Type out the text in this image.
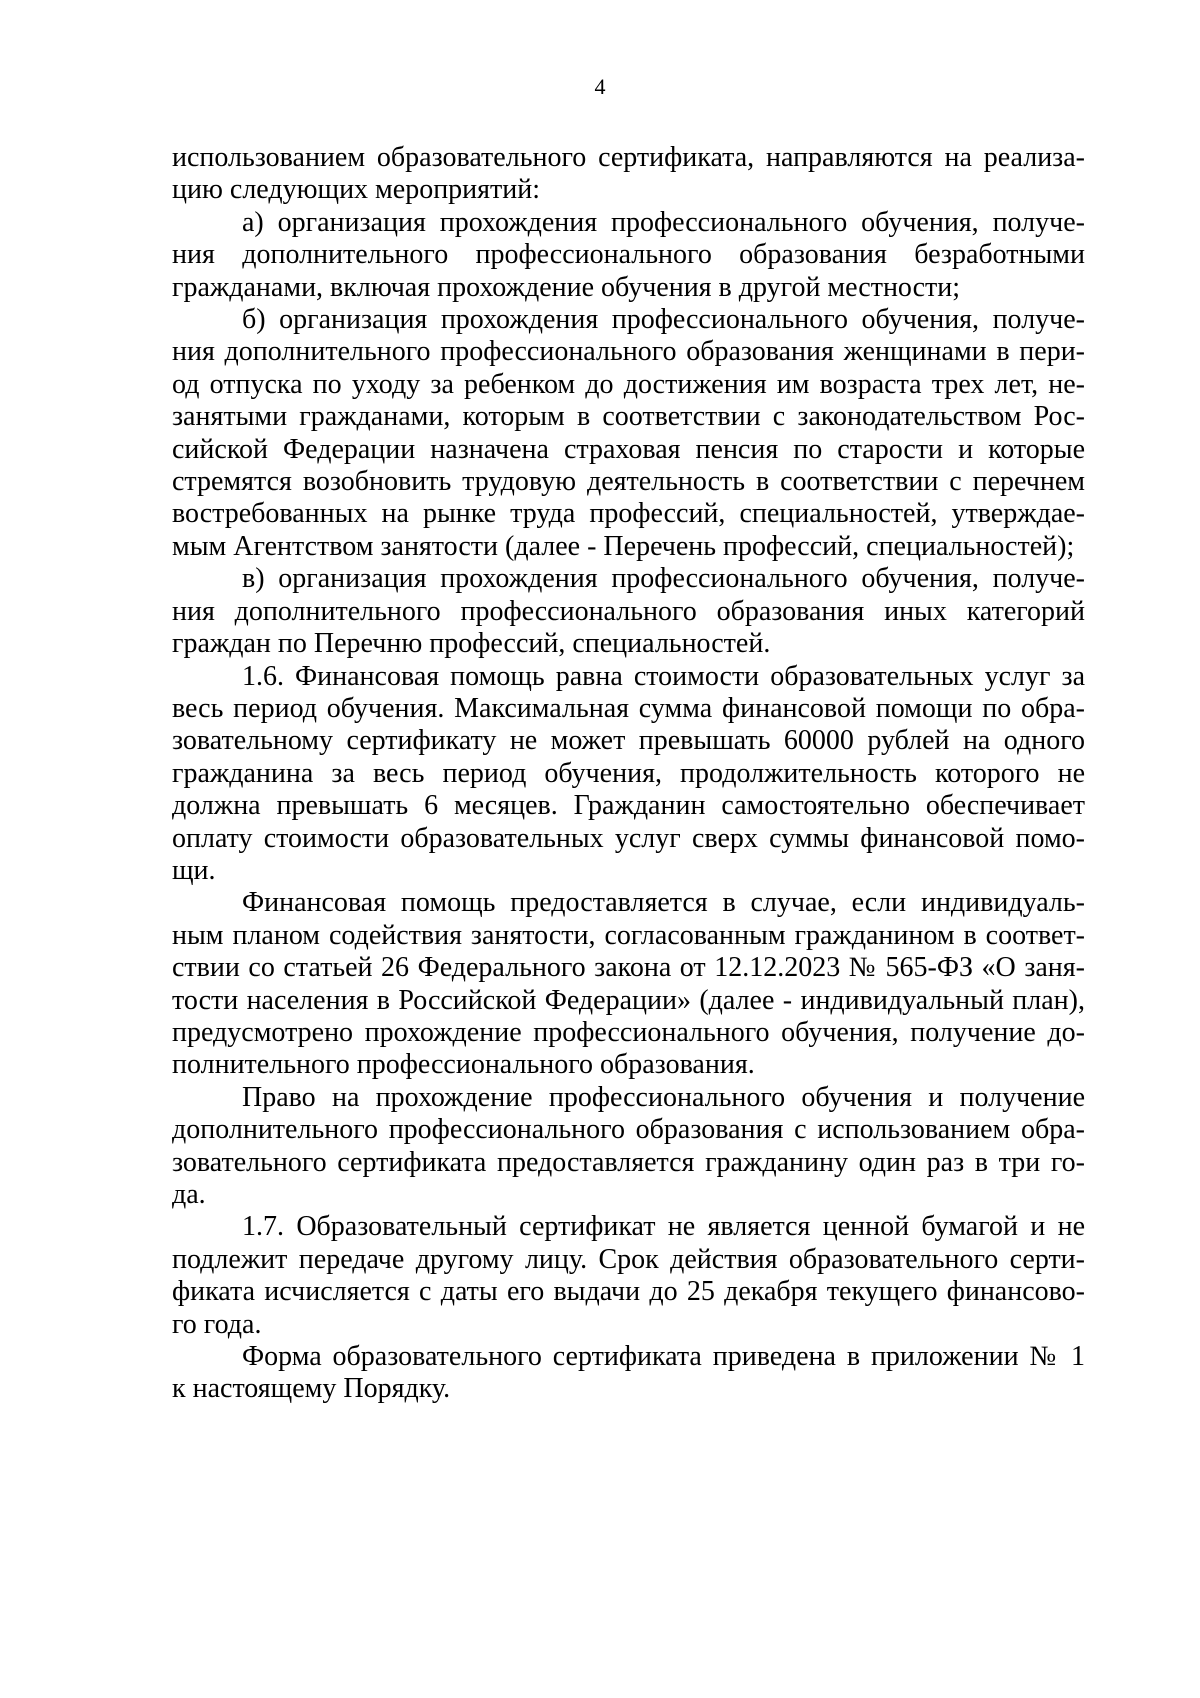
4
использованием образовательного сертификата, направляются на реализа-
цию следующих мероприятий:
а) организация прохождения профессионального обучения, получе-
ния дополнительного профессионального образования безработными
гражданами, включая прохождение обучения в другой местности;
б) организация прохождения профессионального обучения, получе-
ния дополнительного профессионального образования женщинами в пери-
од отпуска по уходу за ребенком до достижения им возраста трех лет, не-
занятыми гражданами, которым в соответствии с законодательством Рос-
сийской Федерации назначена страховая пенсия по старости и которые
стремятся возобновить трудовую деятельность в соответствии с перечнем
востребованных на рынке труда профессий, специальностей, утверждае-
мым Агентством занятости (далее - Перечень профессий, специальностей);
в) организация прохождения профессионального обучения, получе-
ния дополнительного профессионального образования иных категорий
граждан по Перечню профессий, специальностей.
1.6. Финансовая помощь равна стоимости образовательных услуг за
весь период обучения. Максимальная сумма финансовой помощи по обра-
зовательному сертификату не может превышать 60000 рублей на одного
гражданина за весь период обучения, продолжительность которого не
должна превышать 6 месяцев. Гражданин самостоятельно обеспечивает
оплату стоимости образовательных услуг сверх суммы финансовой помо-
щи.
Финансовая помощь предоставляется в случае, если индивидуаль-
ным планом содействия занятости, согласованным гражданином в соответ-
ствии со статьей 26 Федерального закона от 12.12.2023 № 565-ФЗ «О заня-
тости населения в Российской Федерации» (далее - индивидуальный план),
предусмотрено прохождение профессионального обучения, получение до-
полнительного профессионального образования.
Право на прохождение профессионального обучения и получение
дополнительного профессионального образования с использованием обра-
зовательного сертификата предоставляется гражданину один раз в три го-
да.
1.7. Образовательный сертификат не является ценной бумагой и не
подлежит передаче другому лицу. Срок действия образовательного серти-
фиката исчисляется с даты его выдачи до 25 декабря текущего финансово-
го года.
Форма образовательного сертификата приведена в приложении № 1
к настоящему Порядку.
